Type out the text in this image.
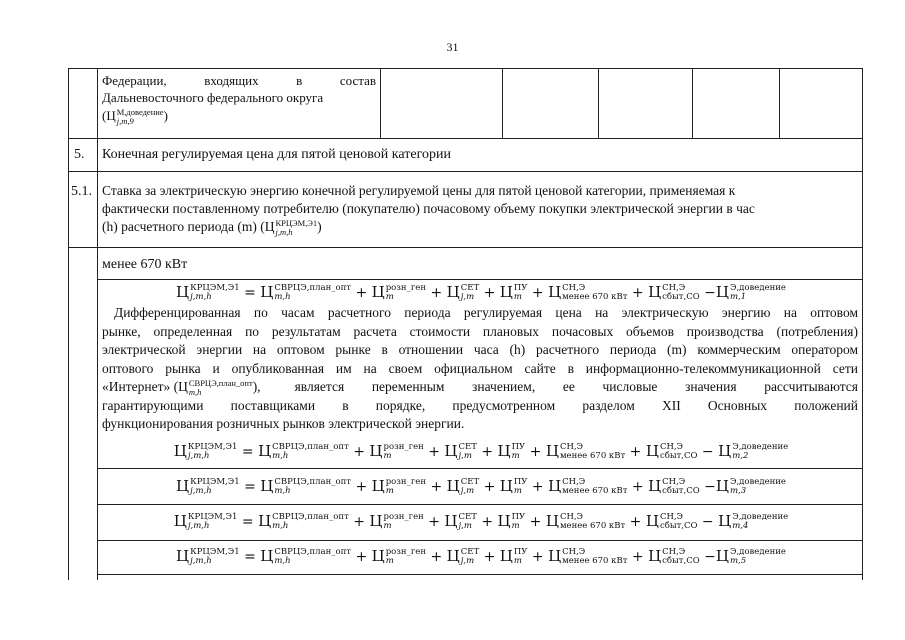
31
Федерации,	входящих	в	состав
Дальневосточного федерального округа
(Ц М,доведение
j,m,9	)
5. Конечная регулируемая цена для пятой ценовой категории
5.1. Ставка за электрическую энергию конечной регулируемой цены для пятой ценовой категории, применяемая к
фактически поставленному потребителю (покупателю) почасовому объему покупки электрической энергии в час
(h) расчетного периода (m) (Ц КРЦЭМ,Э1
j,m,h	)
менее 670 кВт
Ц КРЦЭМ,Э1
j,m,h	= Ц СВРЦЭ,план_опт
m,h	+ Ц розн_ген
m	+ Ц СЕТ
j,m + Ц ПУ
m + Ц СН,Э
менее 670 кВт + Ц СН,Э
сбыт,СО −Ц Э,доведение
m,1
Дифференцированная по часам расчетного периода регулируемая цена на электрическую энергию на оптовом
рынке, определенная по результатам расчета стоимости плановых почасовых объемов производства (потребления)
электрической энергии на оптовом рынке в отношении часа (h) расчетного периода (m) коммерческим оператором
оптового рынка и опубликованная им на своем официальном сайте в информационно-телекоммуникационной сети
«Интернет» (Ц СВРЦЭ,план_опт
m,h	),	является переменным значением, ее числовые значения рассчитываются
гарантирующими поставщиками в порядке, предусмотренном разделом XII Основных положений
функционирования розничных рынков электрической энергии.
Ц КРЦЭМ,Э1
j,m,h	= Ц СВРЦЭ,план_опт
m,h	+ Ц розн_ген
m	+ Ц СЕТ
j,m + Ц ПУ
m + Ц СН,Э
менее 670 кВт + Ц СН,Э
сбыт,СО − Ц Э,доведение
m,2
Ц КРЦЭМ,Э1
j,m,h	= Ц СВРЦЭ,план_опт
m,h	+ Ц розн_ген
m	+ Ц СЕТ
j,m + Ц ПУ
m + Ц СН,Э
менее 670 кВт + Ц СН,Э
сбыт,СО −Ц Э,доведение
m,3
Ц КРЦЭМ,Э1
j,m,h	= Ц СВРЦЭ,план_опт
m,h	+ Ц розн_ген
m	+ Ц СЕТ
j,m + Ц ПУ
m + Ц СН,Э
менее 670 кВт + Ц СН,Э
сбыт,СО − Ц Э,доведение
m,4
Ц КРЦЭМ,Э1
j,m,h	= Ц СВРЦЭ,план_опт
m,h	+ Ц розн_ген
m	+ Ц СЕТ
j,m + Ц ПУ
m + Ц СН,Э
менее 670 кВт + Ц СН,Э
сбыт,СО −Ц Э,доведение
m,5
